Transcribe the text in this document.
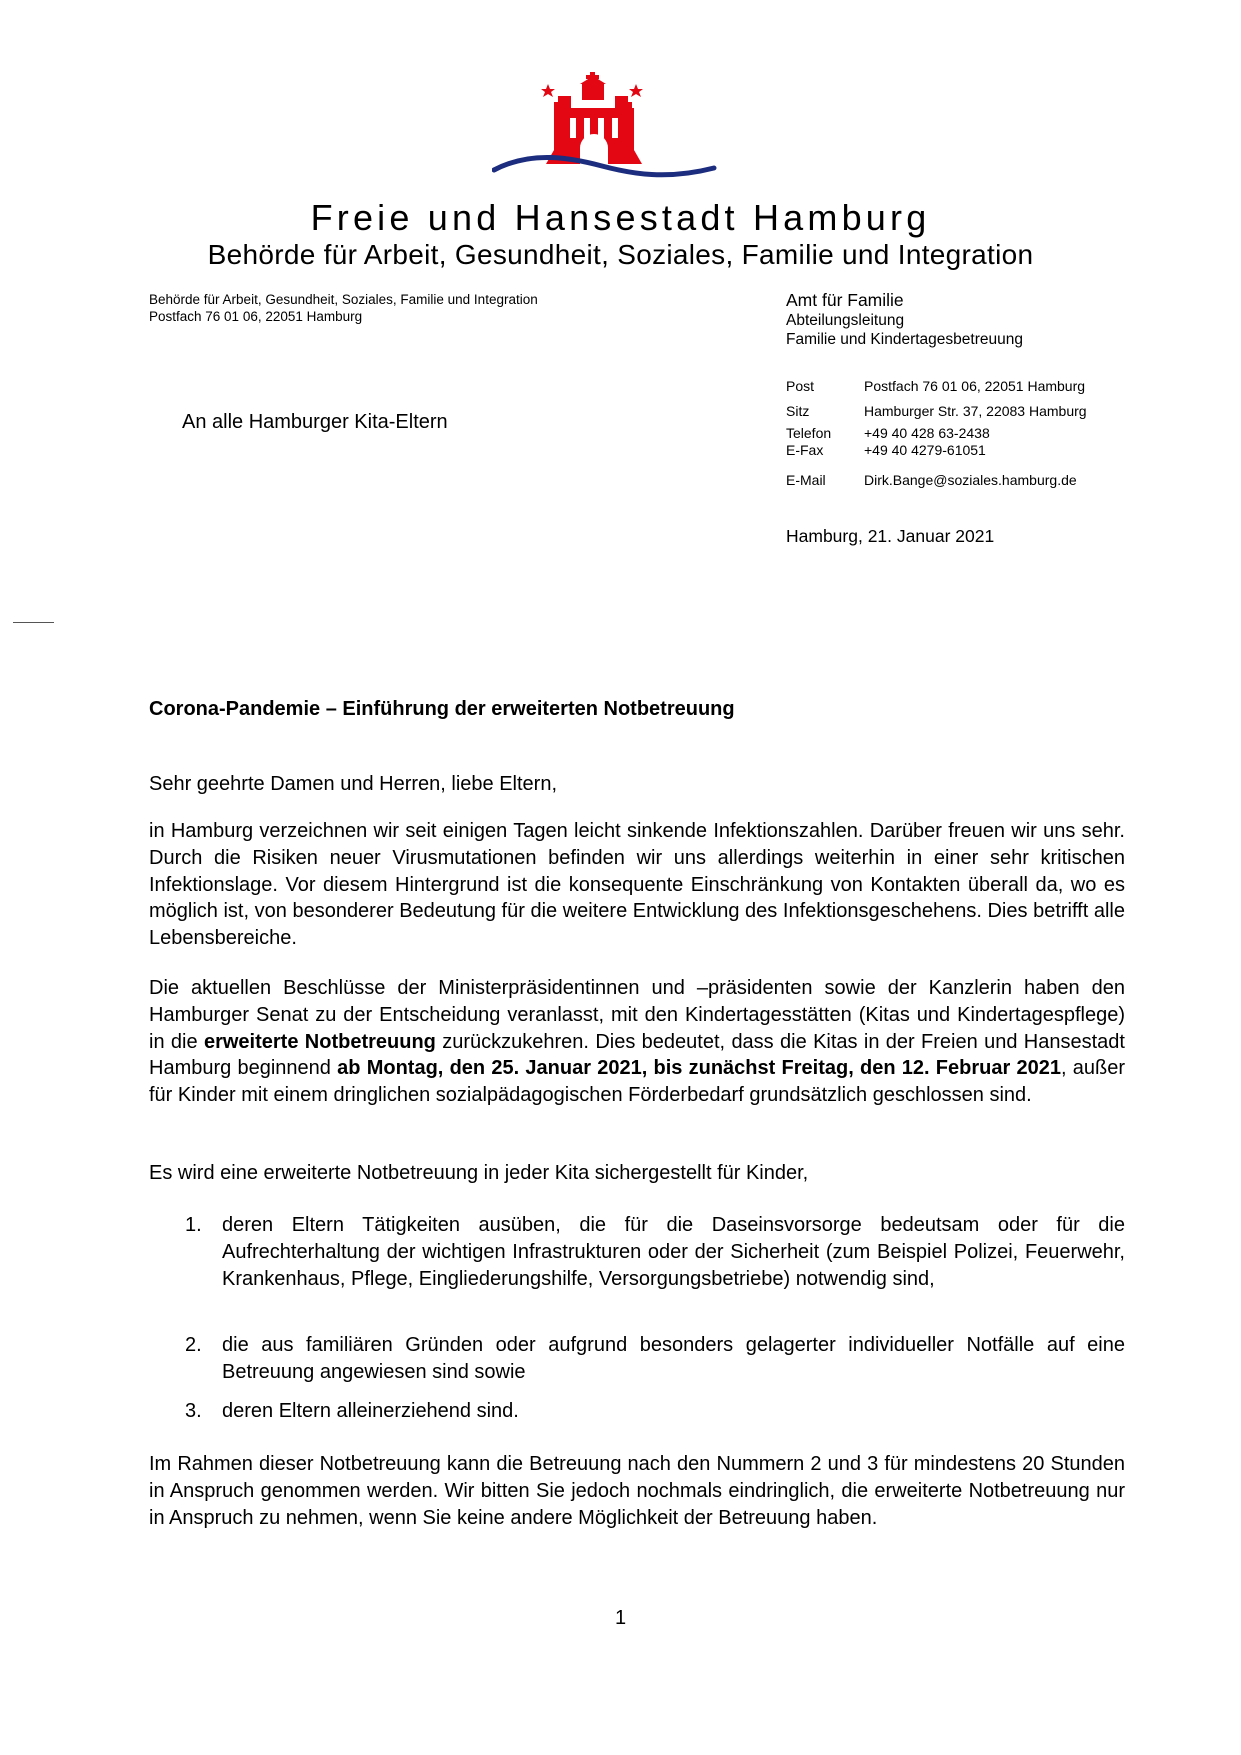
Freie und Hansestadt Hamburg
Behörde für Arbeit, Gesundheit, Soziales, Familie und Integration
Behörde für Arbeit, Gesundheit, Soziales, Familie und Integration
Postfach 76 01 06, 22051 Hamburg
Amt für Familie
Abteilungsleitung
Familie und Kindertagesbetreuung
Post	Postfach 76 01 06, 22051 Hamburg
Sitz	Hamburger Str. 37, 22083 Hamburg
Telefon +49 40 428 63-2438
E-Fax	+49 40 4279-61051
E-Mail	Dirk.Bange@soziales.hamburg.de
An alle Hamburger Kita-Eltern
Hamburg, 21. Januar 2021
Corona-Pandemie – Einführung der erweiterten Notbetreuung
Sehr geehrte Damen und Herren, liebe Eltern,
in Hamburg verzeichnen wir seit einigen Tagen leicht sinkende Infektionszahlen. Darüber freuen wir uns sehr. Durch die Risiken neuer Virusmutationen befinden wir uns allerdings weiterhin in einer sehr kritischen Infektionslage. Vor diesem Hintergrund ist die konsequente Einschränkung von Kontakten überall da, wo es möglich ist, von besonderer Bedeutung für die weitere Entwicklung des Infektionsgeschehens. Dies betrifft alle Lebensbereiche.
Die aktuellen Beschlüsse der Ministerpräsidentinnen und –präsidenten sowie der Kanzlerin haben den Hamburger Senat zu der Entscheidung veranlasst, mit den Kindertagesstätten (Kitas und Kindertagespflege) in die erweiterte Notbetreuung zurückzukehren. Dies bedeutet, dass die Kitas in der Freien und Hansestadt Hamburg beginnend ab Montag, den 25. Januar 2021, bis zunächst Freitag, den 12. Februar 2021, außer für Kinder mit einem dringlichen sozialpädagogischen Förderbedarf grundsätzlich geschlossen sind.
Es wird eine erweiterte Notbetreuung in jeder Kita sichergestellt für Kinder,
1. deren Eltern Tätigkeiten ausüben, die für die Daseinsvorsorge bedeutsam oder für die Aufrechterhaltung der wichtigen Infrastrukturen oder der Sicherheit (zum Beispiel Polizei, Feuerwehr, Krankenhaus, Pflege, Eingliederungshilfe, Versorgungsbetriebe) notwendig sind,
2. die aus familiären Gründen oder aufgrund besonders gelagerter individueller Notfälle auf eine Betreuung angewiesen sind sowie
3. deren Eltern alleinerziehend sind.
Im Rahmen dieser Notbetreuung kann die Betreuung nach den Nummern 2 und 3 für mindestens 20 Stunden in Anspruch genommen werden. Wir bitten Sie jedoch nochmals eindringlich, die erweiterte Notbetreuung nur in Anspruch zu nehmen, wenn Sie keine andere Möglichkeit der Betreuung haben.
1
